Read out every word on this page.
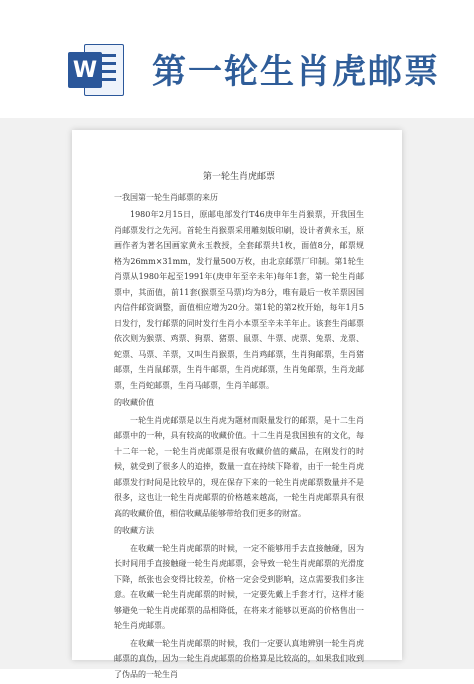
W 第一轮生肖虎邮票
第一轮生肖虎邮票
一我国第一轮生肖邮票的来历

1980年2月15日，原邮电部发行T46庚申年生肖猴票，开我国生肖邮票发行之先河。首轮生肖猴票采用雕刻版印刷，设计者黄永玉，原画作者为著名国画家黄永玉教授，全套邮票共1枚，面值8分，邮票规格为26mm×31mm，发行量500万枚，由北京邮票厂印制。第1轮生肖票从1980年起至1991年(庚申年至辛未年)每年1套，第一轮生肖邮票中，其面值，前11套(猴票至马票)均为8分，唯有最后一枚羊票因国内信件邮资调整，面值相应增为20分。第1轮的第2枚开始，每年1月5日发行，发行邮票的同时发行生肖小本票至辛未羊年止。该套生肖邮票依次则为猴票、鸡票、狗票、猪票、鼠票、牛票、虎票、兔票、龙票、蛇票、马票、羊票，又叫生肖猴票，生肖鸡邮票，生肖狗邮票，生肖猪邮票，生肖鼠邮票，生肖牛邮票，生肖虎邮票，生肖兔邮票，生肖龙邮票，生肖蛇邮票，生肖马邮票，生肖羊邮票。

的收藏价值

一轮生肖虎邮票是以生肖虎为题材而限量发行的邮票，是十二生肖邮票中的一种，具有较高的收藏价值。十二生肖是我国独有的文化，每十二年一轮，一轮生肖虎邮票是很有收藏价值的藏品，在刚发行的时候，就受到了很多人的追捧，数量一直在持续下降着，由于一轮生肖虎邮票发行时间是比较早的，现在保存下来的一轮生肖虎邮票数量并不是很多，这也让一轮生肖虎邮票的价格越来越高，一轮生肖虎邮票具有很高的收藏价值，相信收藏品能够带给我们更多的财富。

的收藏方法

在收藏一轮生肖虎邮票的时候，一定不能够用手去直接触碰，因为长时间用手直接触碰一轮生肖虎邮票，会导致一轮生肖虎邮票的光滑度下降，纸张也会变得比较差，价格一定会受到影响，这点需要我们多注意。在收藏一轮生肖虎邮票的时候，一定要先戴上手套才行，这样才能够避免一轮生肖虎邮票的品相降低，在将来才能够以更高的价格售出一轮生肖虎邮票。

在收藏一轮生肖虎邮票的时候，我们一定要认真地辨别一轮生肖虎邮票的真伪，因为一轮生肖虎邮票的价格算是比较高的，如果我们收到了伪品的一轮生肖
